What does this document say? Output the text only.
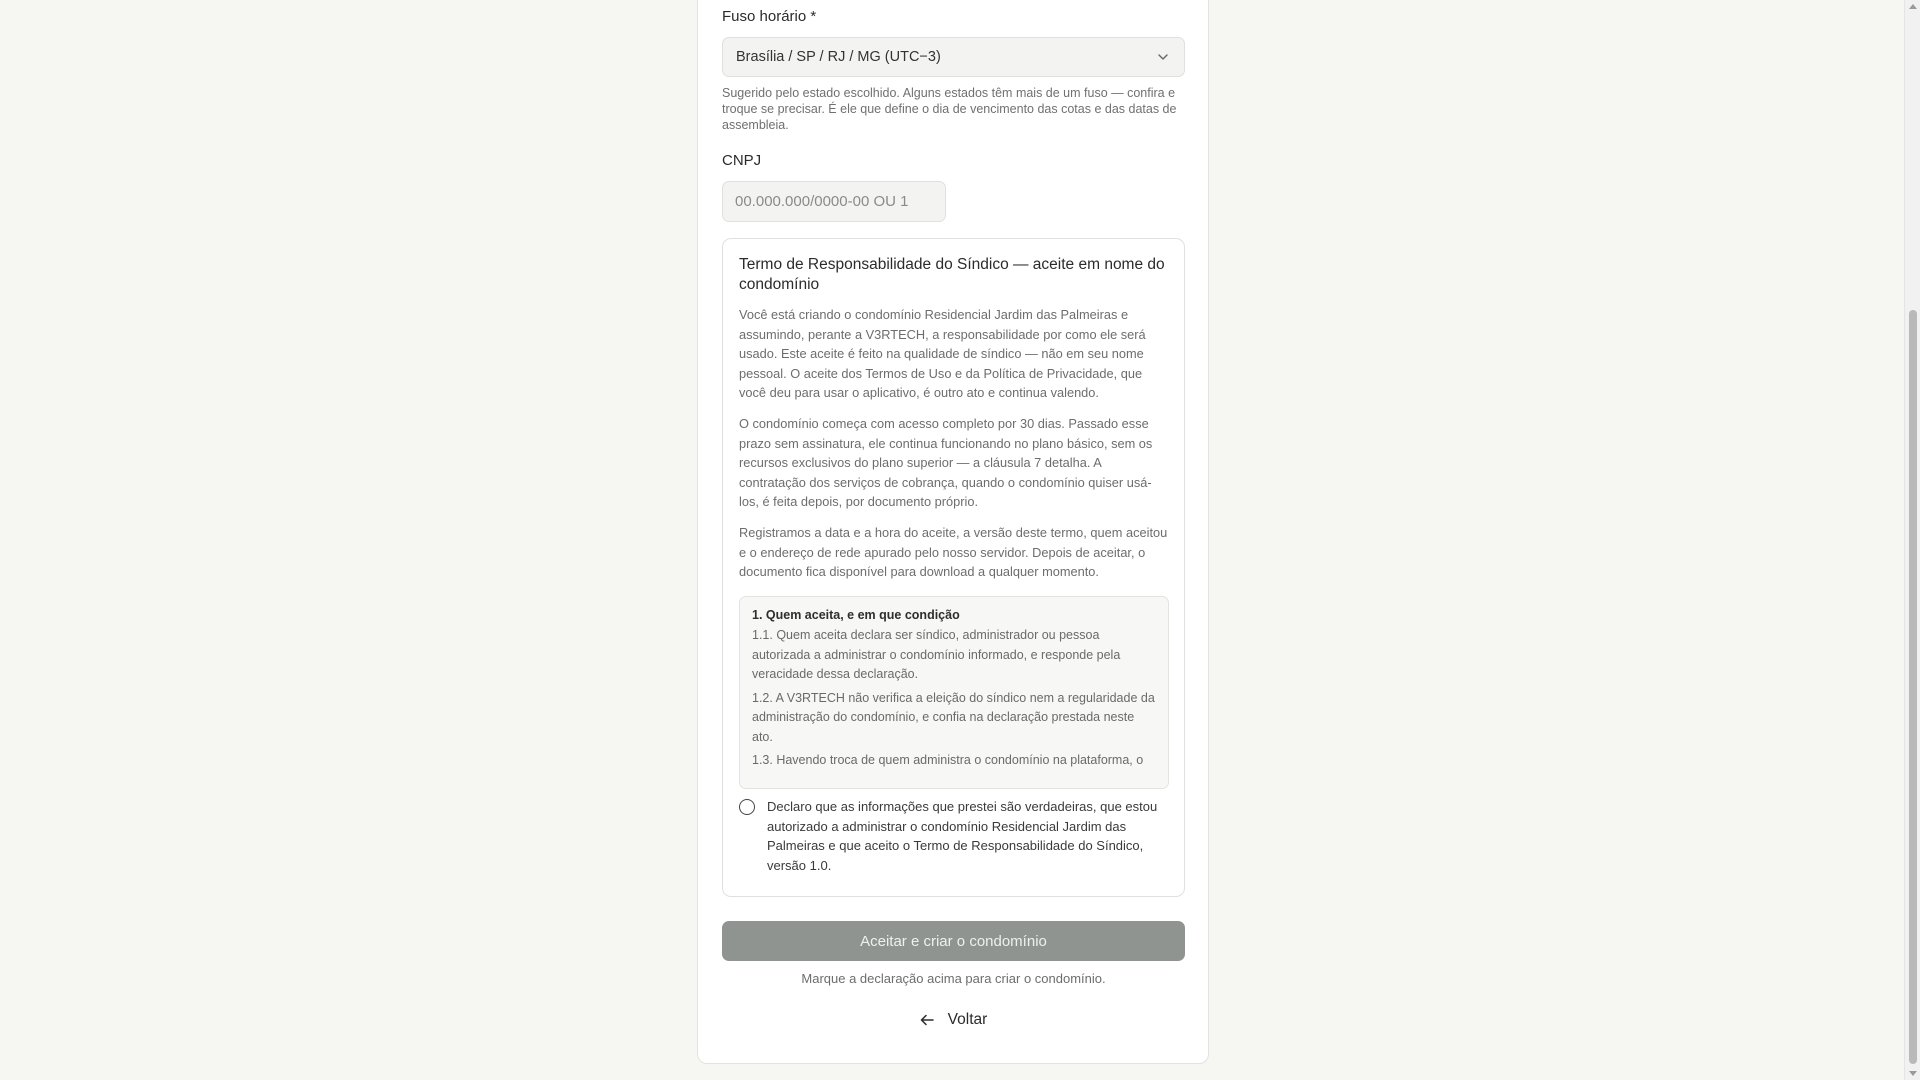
Fuso horário *
Brasília / SP / RJ / MG (UTC−3)
Sugerido pelo estado escolhido. Alguns estados têm mais de um fuso — confira e troque se precisar. É ele que define o dia de vencimento das cotas e das datas de assembleia.
CNPJ
00.000.000/0000-00 OU 1
Termo de Responsabilidade do Síndico — aceite em nome do condomínio
Você está criando o condomínio Residencial Jardim das Palmeiras e assumindo, perante a V3RTECH, a responsabilidade por como ele será usado. Este aceite é feito na qualidade de síndico — não em seu nome pessoal. O aceite dos Termos de Uso e da Política de Privacidade, que você deu para usar o aplicativo, é outro ato e continua valendo.
O condomínio começa com acesso completo por 30 dias. Passado esse prazo sem assinatura, ele continua funcionando no plano básico, sem os recursos exclusivos do plano superior — a cláusula 7 detalha. A contratação dos serviços de cobrança, quando o condomínio quiser usá-los, é feita depois, por documento próprio.
Registramos a data e a hora do aceite, a versão deste termo, quem aceitou e o endereço de rede apurado pelo nosso servidor. Depois de aceitar, o documento fica disponível para download a qualquer momento.
1. Quem aceita, e em que condição
1.1. Quem aceita declara ser síndico, administrador ou pessoa autorizada a administrar o condomínio informado, e responde pela veracidade dessa declaração.
1.2. A V3RTECH não verifica a eleição do síndico nem a regularidade da administração do condomínio, e confia na declaração prestada neste ato.
1.3. Havendo troca de quem administra o condomínio na plataforma, o
Declaro que as informações que prestei são verdadeiras, que estou autorizado a administrar o condomínio Residencial Jardim das Palmeiras e que aceito o Termo de Responsabilidade do Síndico, versão 1.0.
Aceitar e criar o condomínio
Marque a declaração acima para criar o condomínio.
Voltar
